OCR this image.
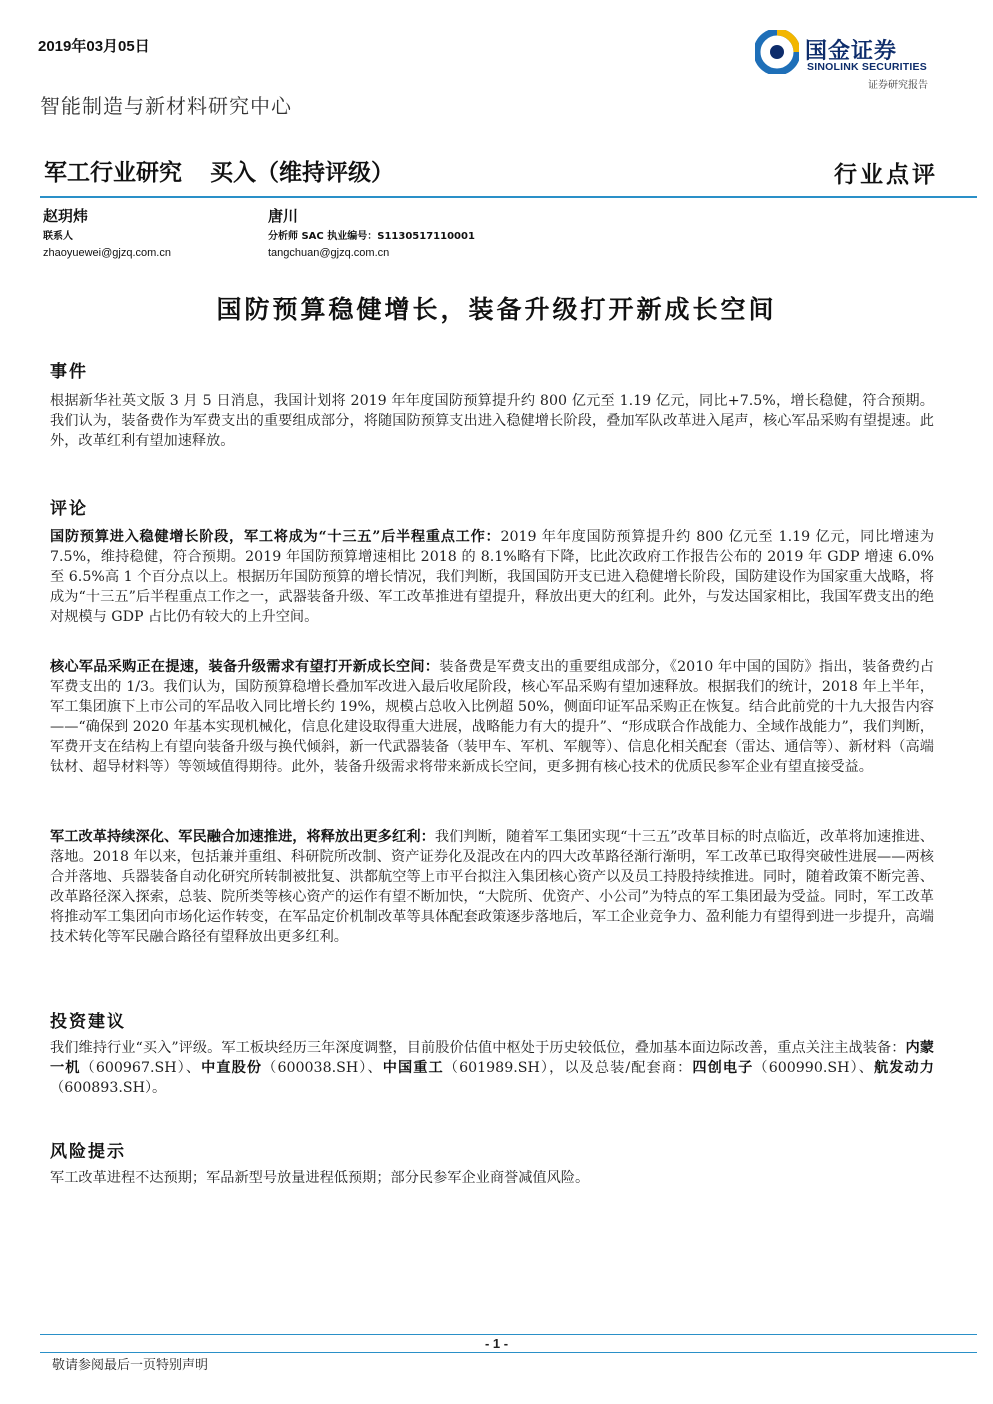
2019年03月05日
智能制造与新材料研究中心
国金证券
SINOLINK SECURITIES
证券研究报告
军工行业研究 买入（维持评级）	行业点评
赵玥炜
联系人
zhaoyuewei@gjzq.com.cn
唐川
分析师 SAC 执业编号：S1130517110001
tangchuan@gjzq.com.cn
国防预算稳健增长，装备升级打开新成长空间
事件
根据新华社英文版 3 月 5 日消息，我国计划将 2019 年年度国防预算提升约 800 亿元至 1.19 亿元，同比+7.5%，增长稳健，符合预期。我们认为，装备费作为军费支出的重要组成部分，将随国防预算支出进入稳健增长阶段，叠加军队改革进入尾声，核心军品采购有望提速。此外，改革红利有望加速释放。
评论
国防预算进入稳健增长阶段，军工将成为“十三五”后半程重点工作：2019 年年度国防预算提升约 800 亿元至 1.19 亿元，同比增速为 7.5%，维持稳健，符合预期。2019 年国防预算增速相比 2018 的 8.1%略有下降，比此次政府工作报告公布的 2019 年 GDP 增速 6.0%至 6.5%高 1 个百分点以上。根据历年国防预算的增长情况，我们判断，我国国防开支已进入稳健增长阶段，国防建设作为国家重大战略，将成为“十三五”后半程重点工作之一，武器装备升级、军工改革推进有望提升，释放出更大的红利。此外，与发达国家相比，我国军费支出的绝对规模与 GDP 占比仍有较大的上升空间。
核心军品采购正在提速，装备升级需求有望打开新成长空间：装备费是军费支出的重要组成部分，《2010 年中国的国防》指出，装备费约占军费支出的 1/3。我们认为，国防预算稳增长叠加军改进入最后收尾阶段，核心军品采购有望加速释放。根据我们的统计，2018 年上半年，军工集团旗下上市公司的军品收入同比增长约 19%，规模占总收入比例超 50%，侧面印证军品采购正在恢复。结合此前党的十九大报告内容——“确保到 2020 年基本实现机械化，信息化建设取得重大进展，战略能力有大的提升”、“形成联合作战能力、全域作战能力”，我们判断，军费开支在结构上有望向装备升级与换代倾斜，新一代武器装备（装甲车、军机、军舰等）、信息化相关配套（雷达、通信等）、新材料（高端钛材、超导材料等）等领域值得期待。此外，装备升级需求将带来新成长空间，更多拥有核心技术的优质民参军企业有望直接受益。
军工改革持续深化、军民融合加速推进，将释放出更多红利：我们判断，随着军工集团实现“十三五”改革目标的时点临近，改革将加速推进、落地。2018 年以来，包括兼并重组、科研院所改制、资产证券化及混改在内的四大改革路径渐行渐明，军工改革已取得突破性进展——两核合并落地、兵器装备自动化研究所转制被批复、洪都航空等上市平台拟注入集团核心资产以及员工持股持续推进。同时，随着政策不断完善、改革路径深入探索，总装、院所类等核心资产的运作有望不断加快，“大院所、优资产、小公司”为特点的军工集团最为受益。同时，军工改革将推动军工集团向市场化运作转变，在军品定价机制改革等具体配套政策逐步落地后，军工企业竞争力、盈利能力有望得到进一步提升，高端技术转化等军民融合路径有望释放出更多红利。
投资建议
我们维持行业“买入”评级。军工板块经历三年深度调整，目前股价估值中枢处于历史较低位，叠加基本面边际改善，重点关注主战装备：内蒙一机（600967.SH）、中直股份（600038.SH）、中国重工（601989.SH），以及总装/配套商：四创电子（600990.SH）、航发动力（600893.SH）。
风险提示
军工改革进程不达预期；军品新型号放量进程低预期；部分民参军企业商誉减值风险。
- 1 -
敬请参阅最后一页特别声明
